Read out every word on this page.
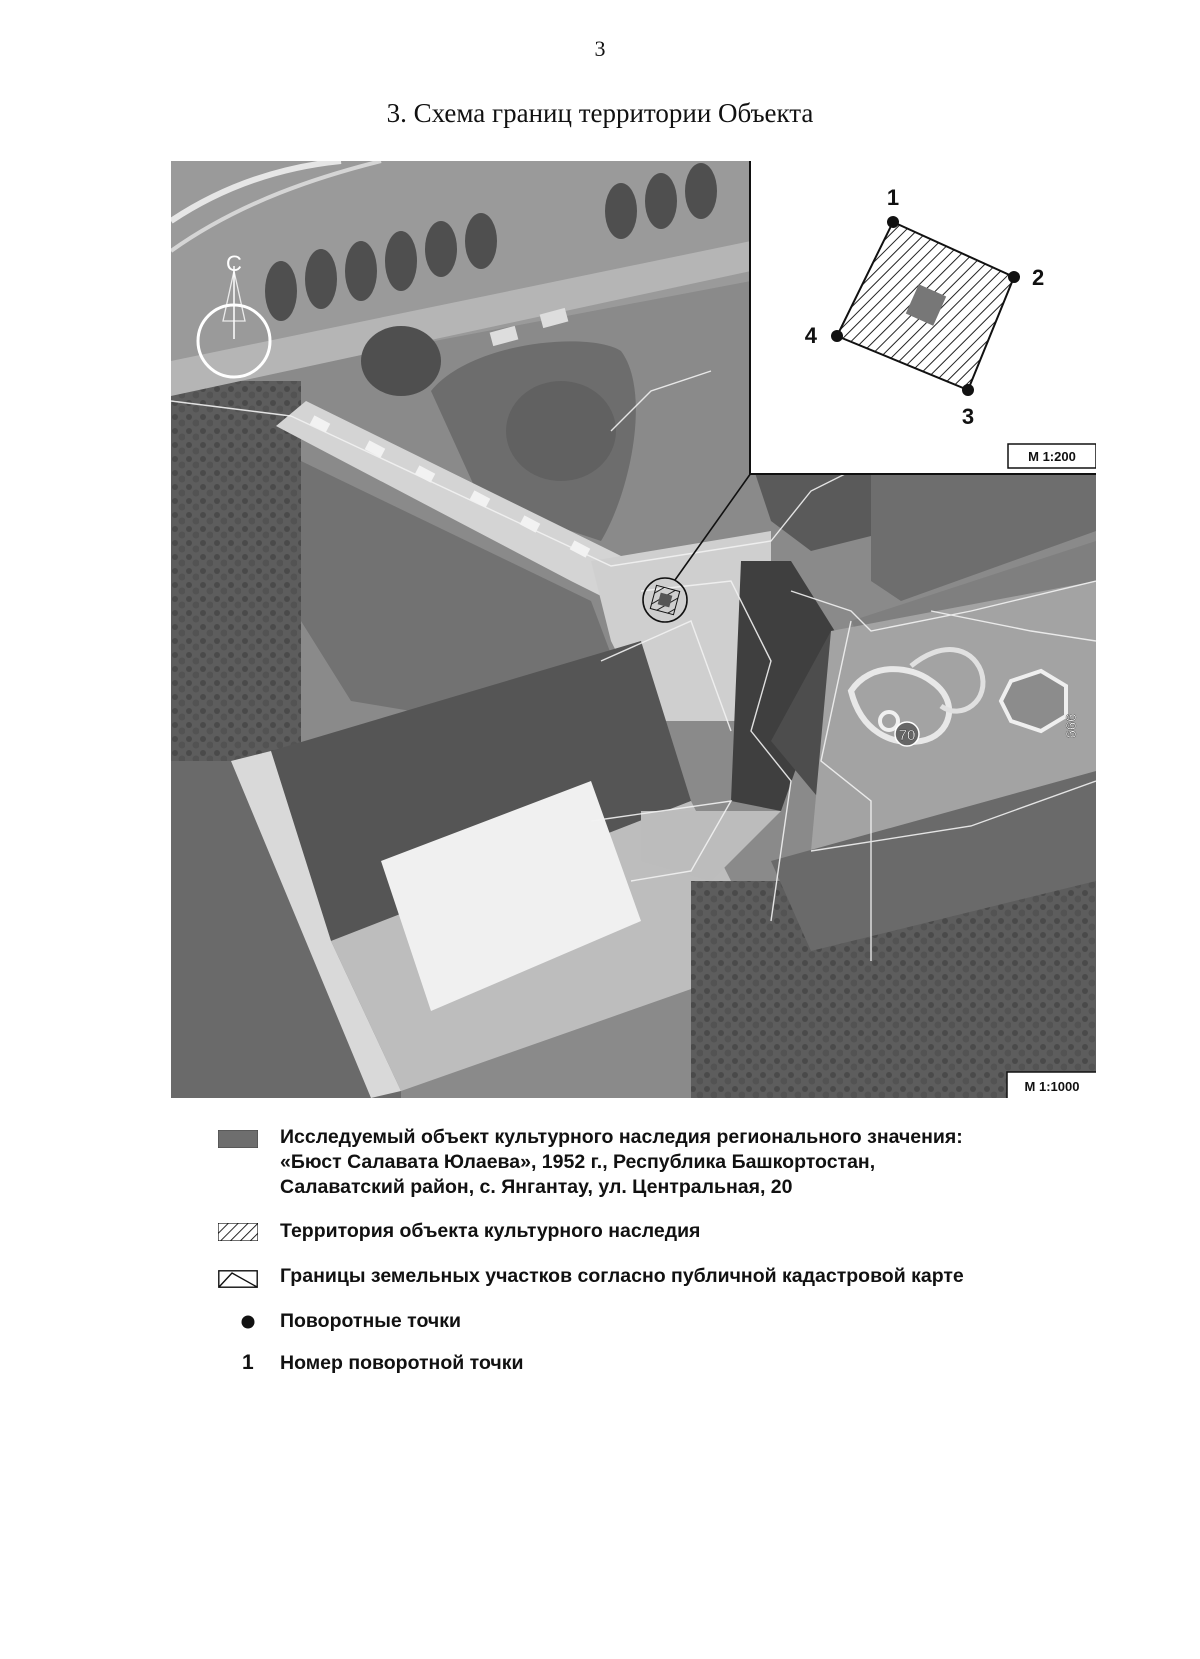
3
3. Схема границ территории Объекта
С
70	999
1
2
3
4
М 1:200
М 1:1000
Исследуемый объект культурного наследия регионального значения:
«Бюст Салавата Юлаева», 1952 г., Республика Башкортостан,
Салаватский район, с. Янгантау, ул. Центральная, 20
Территория объекта культурного наследия
Границы земельных участков согласно публичной кадастровой карте
Поворотные точки
1 Номер поворотной точки
